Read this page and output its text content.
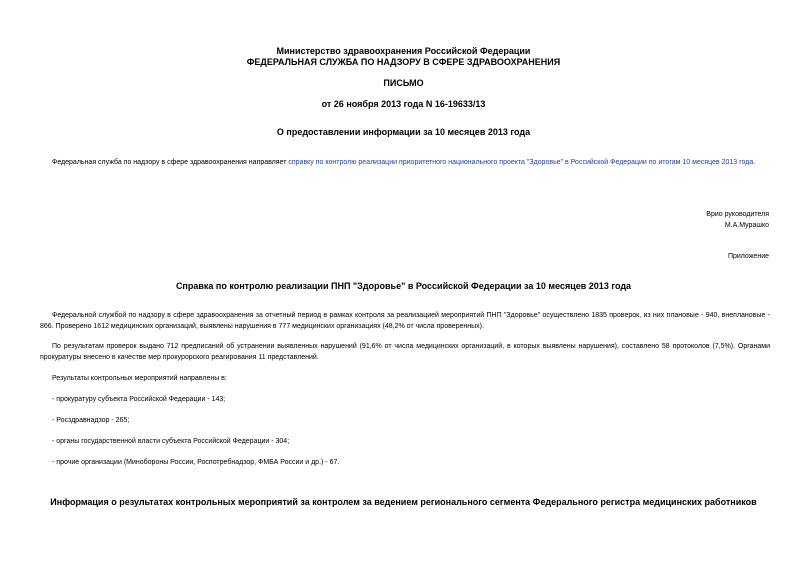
Министерство здравоохранения Российской Федерации
ФЕДЕРАЛЬНАЯ СЛУЖБА ПО НАДЗОРУ В СФЕРЕ ЗДРАВООХРАНЕНИЯ
ПИСЬМО
от 26 ноября 2013 года N 16-19633/13
О предоставлении информации за 10 месяцев 2013 года
Федеральная служба по надзору в сфере здравоохранения направляет справку по контролю реализации приоритетного национального проекта "Здоровье" в Российской Федерации по итогам 10 месяцев 2013 года.
Врио руководителя
М.А.Мурашко
Приложение
Справка по контролю реализации ПНП "Здоровье" в Российской Федерации за 10 месяцев 2013 года
Федеральной службой по надзору в сфере здравоохранения за отчетный период в рамках контроля за реализацией мероприятий ПНП "Здоровье" осуществлено 1835 проверок, из них плановые - 940, внеплановые - 866. Проверено 1612 медицинских организаций, выявлены нарушения в 777 медицинских организациях (48,2% от числа проверенных).
По результатам проверок выдано 712 предписаний об устранении выявленных нарушений (91,6% от числа медицинских организаций, в которых выявлены нарушения), составлено 58 протоколов (7,5%). Органами прокуратуры внесено в качестве мер прокурорского реагирования 11 представлений.
Результаты контрольных мероприятий направлены в:
- прокуратуру субъекта Российской Федерации - 143;
- Росздравнадзор - 265;
- органы государственной власти субъекта Российской Федерации - 304;
- прочие организации (Минобороны России, Роспотребнадзор, ФМБА России и др.) - 67.
Информация о результатах контрольных мероприятий за контролем за ведением регионального сегмента Федерального регистра медицинских работников
